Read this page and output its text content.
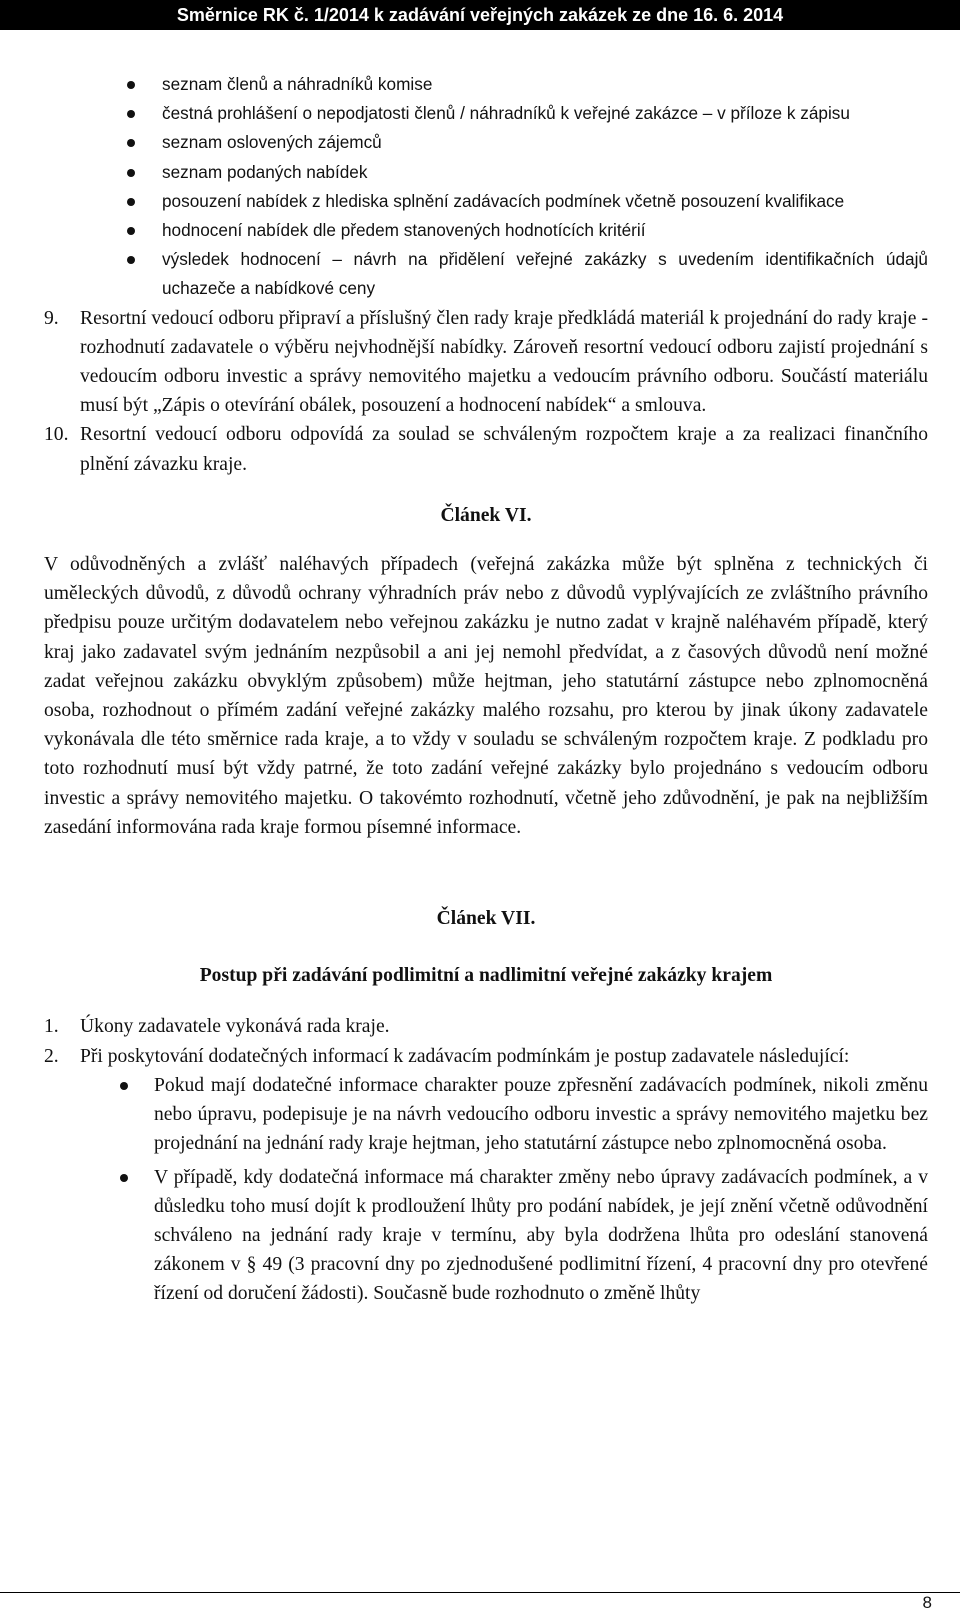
Směrnice RK č. 1/2014 k zadávání veřejných zakázek ze dne 16. 6. 2014
seznam členů a náhradníků komise
čestná prohlášení o nepodjatosti členů / náhradníků k veřejné zakázce – v příloze k zápisu
seznam oslovených zájemců
seznam podaných nabídek
posouzení nabídek z hlediska splnění zadávacích podmínek včetně posouzení kvalifikace
hodnocení nabídek dle předem stanovených hodnotících kritérií
výsledek hodnocení – návrh na přidělení veřejné zakázky s uvedením identifikačních údajů uchazeče a nabídkové ceny
9. Resortní vedoucí odboru připraví a příslušný člen rady kraje předkládá materiál k projednání do rady kraje - rozhodnutí zadavatele o výběru nejvhodnější nabídky. Zároveň resortní vedoucí odboru zajistí projednání s vedoucím odboru investic a správy nemovitého majetku a vedoucím právního odboru. Součástí materiálu musí být „Zápis o otevírání obálek, posouzení a hodnocení nabídek“ a smlouva.
10. Resortní vedoucí odboru odpovídá za soulad se schváleným rozpočtem kraje a za realizaci finančního plnění závazku kraje.
Článek VI.
V odůvodněných a zvlášť naléhavých případech (veřejná zakázka může být splněna z technických či uměleckých důvodů, z důvodů ochrany výhradních práv nebo z důvodů vyplývajících ze zvláštního právního předpisu pouze určitým dodavatelem nebo veřejnou zakázku je nutno zadat v krajně naléhavém případě, který kraj jako zadavatel svým jednáním nezpůsobil a ani jej nemohl předvídat, a z časových důvodů není možné zadat veřejnou zakázku obvyklým způsobem) může hejtman, jeho statutární zástupce nebo zplnomocněná osoba, rozhodnout o přímém zadání veřejné zakázky malého rozsahu, pro kterou by jinak úkony zadavatele vykonávala dle této směrnice rada kraje, a to vždy v souladu se schváleným rozpočtem kraje. Z podkladu pro toto rozhodnutí musí být vždy patrné, že toto zadání veřejné zakázky bylo projednáno s vedoucím odboru investic a správy nemovitého majetku. O takovémto rozhodnutí, včetně jeho zdůvodnění, je pak na nejbližším zasedání informována rada kraje formou písemné informace.
Článek VII.
Postup při zadávání podlimitní a nadlimitní veřejné zakázky krajem
1. Úkony zadavatele vykonává rada kraje.
2. Při poskytování dodatečných informací k zadávacím podmínkám je postup zadavatele následující:
Pokud mají dodatečné informace charakter pouze zpřesnění zadávacích podmínek, nikoli změnu nebo úpravu, podepisuje je na návrh vedoucího odboru investic a správy nemovitého majetku bez projednání na jednání rady kraje hejtman, jeho statutární zástupce nebo zplnomocněná osoba.
V případě, kdy dodatečná informace má charakter změny nebo úpravy zadávacích podmínek, a v důsledku toho musí dojít k prodloužení lhůty pro podání nabídek, je její znění včetně odůvodnění schváleno na jednání rady kraje v termínu, aby byla dodržena lhůta pro odeslání stanovená zákonem v § 49 (3 pracovní dny po zjednodušené podlimitní řízení, 4 pracovní dny pro otevřené řízení od doručení žádosti). Současně bude rozhodnuto o změně lhůty
8
